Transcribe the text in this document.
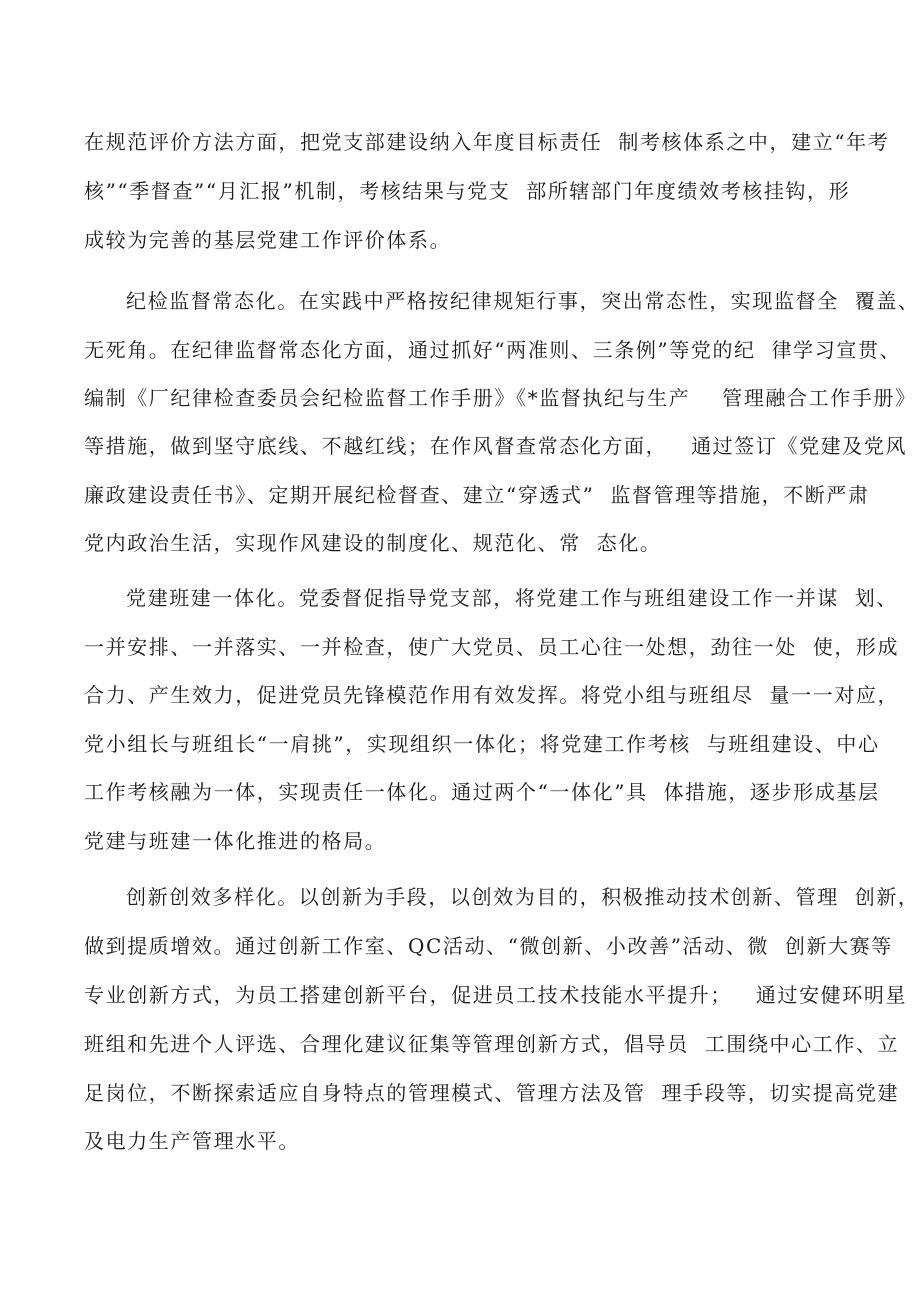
在规范评价方法方面，把党支部建设纳入年度目标责任  制考核体系之中，建立“年考

核”“季督查”“月汇报”机制，考核结果与党支  部所辖部门年度绩效考核挂钩，形

成较为完善的基层党建工作评价体系。

纪检监督常态化。在实践中严格按纪律规矩行事，突出常态性，实现监督全  覆盖、

无死角。在纪律监督常态化方面，通过抓好“两准则、三条例”等党的纪  律学习宣贯、

编制《厂纪律检查委员会纪检监督工作手册》《*监督执纪与生产    管理融合工作手册》

等措施，做到坚守底线、不越红线；在作风督查常态化方面，   通过签订《党建及党风

廉政建设责任书》、定期开展纪检督查、建立“穿透式”  监督管理等措施，不断严肃

党内政治生活，实现作风建设的制度化、规范化、常  态化。

党建班建一体化。党委督促指导党支部，将党建工作与班组建设工作一并谋  划、

一并安排、一并落实、一并检查，使广大党员、员工心往一处想，劲往一处  使，形成

合力、产生效力，促进党员先锋模范作用有效发挥。将党小组与班组尽  量一一对应，

党小组长与班组长“一肩挑”，实现组织一体化；将党建工作考核  与班组建设、中心

工作考核融为一体，实现责任一体化。通过两个“一体化”具  体措施，逐步形成基层

党建与班建一体化推进的格局。

创新创效多样化。以创新为手段，以创效为目的，积极推动技术创新、管理  创新，

做到提质增效。通过创新工作室、QC活动、“微创新、小改善”活动、微  创新大赛等

专业创新方式，为员工搭建创新平台，促进员工技术技能水平提升；   通过安健环明星

班组和先进个人评选、合理化建议征集等管理创新方式，倡导员  工围绕中心工作、立

足岗位，不断探索适应自身特点的管理模式、管理方法及管  理手段等，切实提高党建

及电力生产管理水平。
